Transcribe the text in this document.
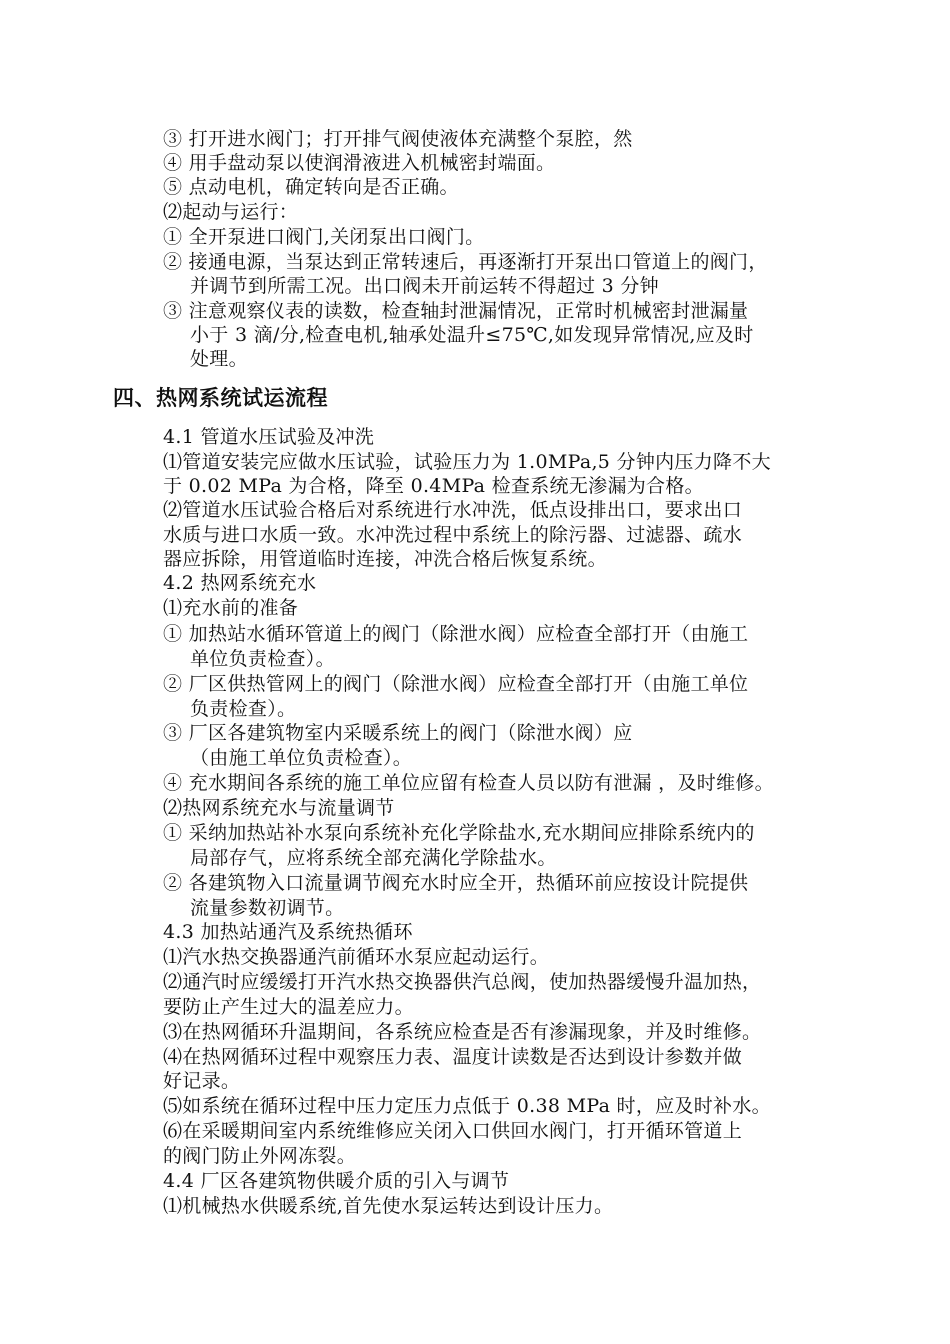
③ 打开进水阀门；打开排气阀使液体充满整个泵腔，然
④ 用手盘动泵以使润滑液进入机械密封端面。
⑤ 点动电机，确定转向是否正确。
⑵起动与运行：
① 全开泵进口阀门,关闭泵出口阀门。
② 接通电源，当泵达到正常转速后，再逐渐打开泵出口管道上的阀门，
并调节到所需工况。出口阀未开前运转不得超过 3 分钟
③ 注意观察仪表的读数，检查轴封泄漏情况，正常时机械密封泄漏量
小于 3 滴/分,检查电机,轴承处温升≤75℃,如发现异常情况,应及时
处理。
四、热网系统试运流程
4.1 管道水压试验及冲洗
⑴管道安装完应做水压试验，试验压力为 1.0MPa,5 分钟内压力降不大
于 0.02 MPa 为合格，降至 0.4MPa 检查系统无渗漏为合格。
⑵管道水压试验合格后对系统进行水冲洗，低点设排出口，要求出口
水质与进口水质一致。水冲洗过程中系统上的除污器、过滤器、疏水
器应拆除，用管道临时连接，冲洗合格后恢复系统。
4.2 热网系统充水
⑴充水前的准备
① 加热站水循环管道上的阀门（除泄水阀）应检查全部打开（由施工
单位负责检查）。
② 厂区供热管网上的阀门（除泄水阀）应检查全部打开（由施工单位
负责检查）。
③ 厂区各建筑物室内采暖系统上的阀门（除泄水阀）应
（由施工单位负责检查）。
④ 充水期间各系统的施工单位应留有检查人员以防有泄漏 ，及时维修。
⑵热网系统充水与流量调节
① 采纳加热站补水泵向系统补充化学除盐水,充水期间应排除系统内的
局部存气，应将系统全部充满化学除盐水。
② 各建筑物入口流量调节阀充水时应全开，热循环前应按设计院提供
流量参数初调节。
4.3 加热站通汽及系统热循环
⑴汽水热交换器通汽前循环水泵应起动运行。
⑵通汽时应缓缓打开汽水热交换器供汽总阀，使加热器缓慢升温加热，
要防止产生过大的温差应力。
⑶在热网循环升温期间，各系统应检查是否有渗漏现象，并及时维修。
⑷在热网循环过程中观察压力表、温度计读数是否达到设计参数并做
好记录。
⑸如系统在循环过程中压力定压力点低于 0.38 MPa 时，应及时补水。
⑹在采暖期间室内系统维修应关闭入口供回水阀门，打开循环管道上
的阀门防止外网冻裂。
4.4 厂区各建筑物供暖介质的引入与调节
⑴机械热水供暖系统,首先使水泵运转达到设计压力。
